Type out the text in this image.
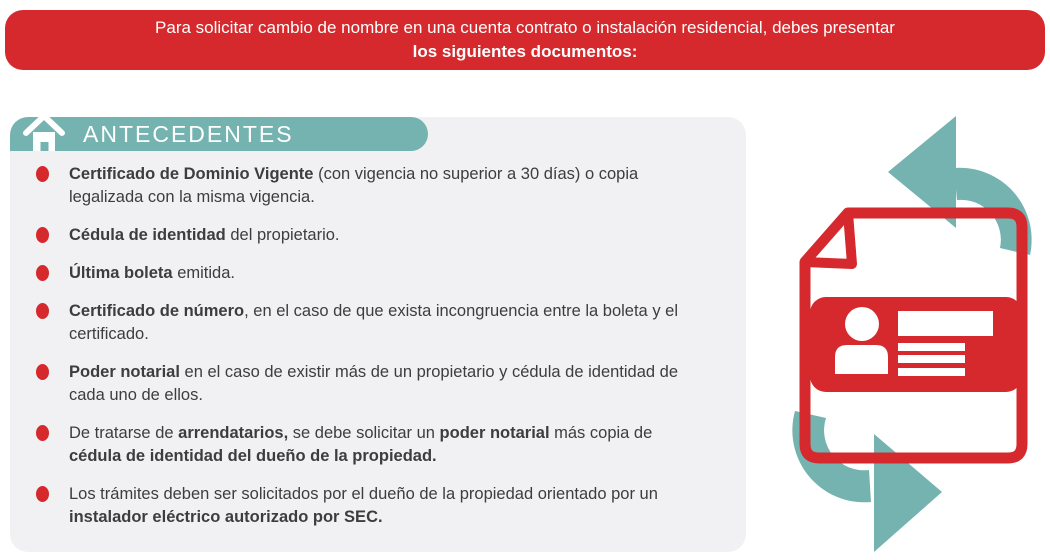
Para solicitar cambio de nombre en una cuenta contrato o instalación residencial, debes presentar
los siguientes documentos:
ANTECEDENTES

Certificado de Dominio Vigente (con vigencia no superior a 30 días) o copia legalizada con la misma vigencia.

Cédula de identidad del propietario.

Última boleta emitida.

Certificado de número, en el caso de que exista incongruencia entre la boleta y el certificado.

Poder notarial en el caso de existir más de un propietario y cédula de identidad de cada uno de ellos.

De tratarse de arrendatarios, se debe solicitar un poder notarial más copia de cédula de identidad del dueño de la propiedad.

Los trámites deben ser solicitados por el dueño de la propiedad orientado por un instalador eléctrico autorizado por SEC.
